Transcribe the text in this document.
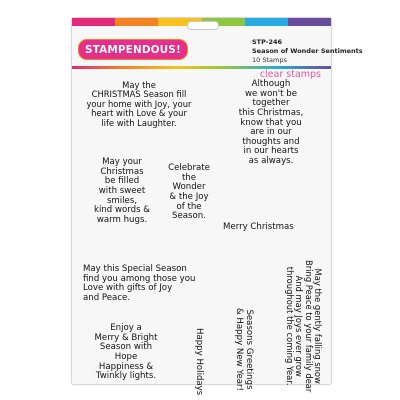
STAMPENDOUS!
STP-246
Season of Wonder Sentiments
10 Stamps
clear stamps
May the
CHRISTMAS Season fill
your home with Joy, your
heart with Love & your
life with Laughter.
Although
we won't be
together
this Christmas,
know that you
are in our
thoughts and
in our hearts
as always.
May your
Christmas
be filled
with sweet
smiles,
kind words &
warm hugs.
Celebrate
the
Wonder
& the Joy
of the
Season.
Merry Christmas
May this Special Season
find you among those you
Love with gifts of Joy
and Peace.
Enjoy a
Merry & Bright
Season with
Hope
Happiness &
Twinkly lights.	Happy Holidays
Seasons Greetings
& Happy New Year!
May the gently falling snow
Bring Peace to your family dear
And may Joys ever grow
throughout the coming Year.
